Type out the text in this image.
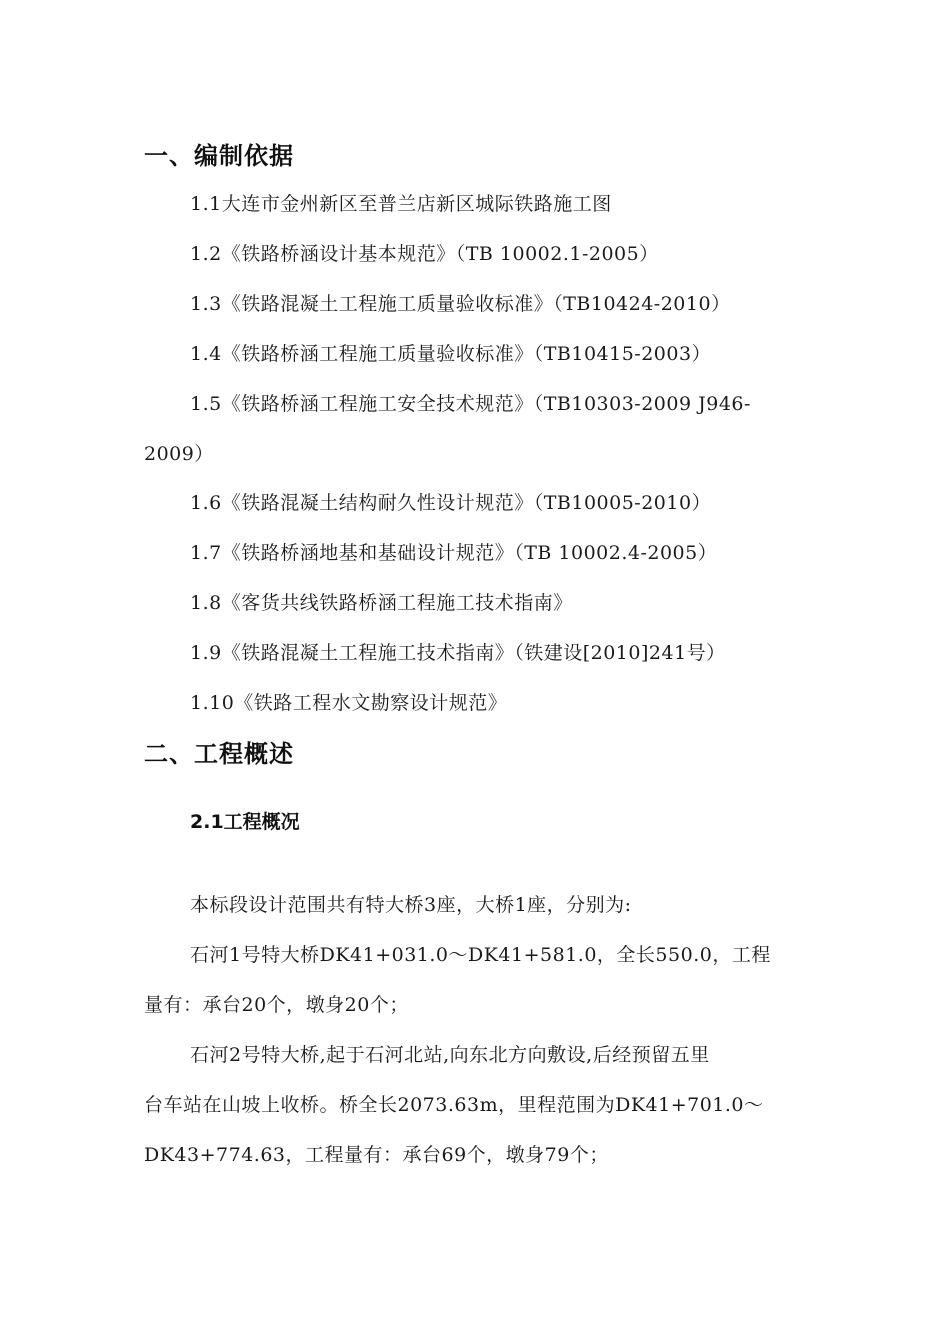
一、编制依据
1.1大连市金州新区至普兰店新区城际铁路施工图
1.2《铁路桥涵设计基本规范》（TB 10002.1-2005）
1.3《铁路混凝土工程施工质量验收标准》（TB10424-2010）
1.4《铁路桥涵工程施工质量验收标准》（TB10415-2003）
1.5《铁路桥涵工程施工安全技术规范》（TB10303-2009 J946-
2009）
1.6《铁路混凝土结构耐久性设计规范》（TB10005-2010）
1.7《铁路桥涵地基和基础设计规范》（TB 10002.4-2005）
1.8《客货共线铁路桥涵工程施工技术指南》
1.9《铁路混凝土工程施工技术指南》（铁建设[2010]241号）
1.10《铁路工程水文勘察设计规范》
二、工程概述
2.1工程概况
本标段设计范围共有特大桥3座，大桥1座，分别为:
石河1号特大桥DK41+031.0～DK41+581.0，全长550.0，工程
量有：承台20个，墩身20个；
石河2号特大桥,起于石河北站,向东北方向敷设,后经预留五里
台车站在山坡上收桥。桥全长2073.63m，里程范围为DK41+701.0～
DK43+774.63，工程量有：承台69个，墩身79个；
